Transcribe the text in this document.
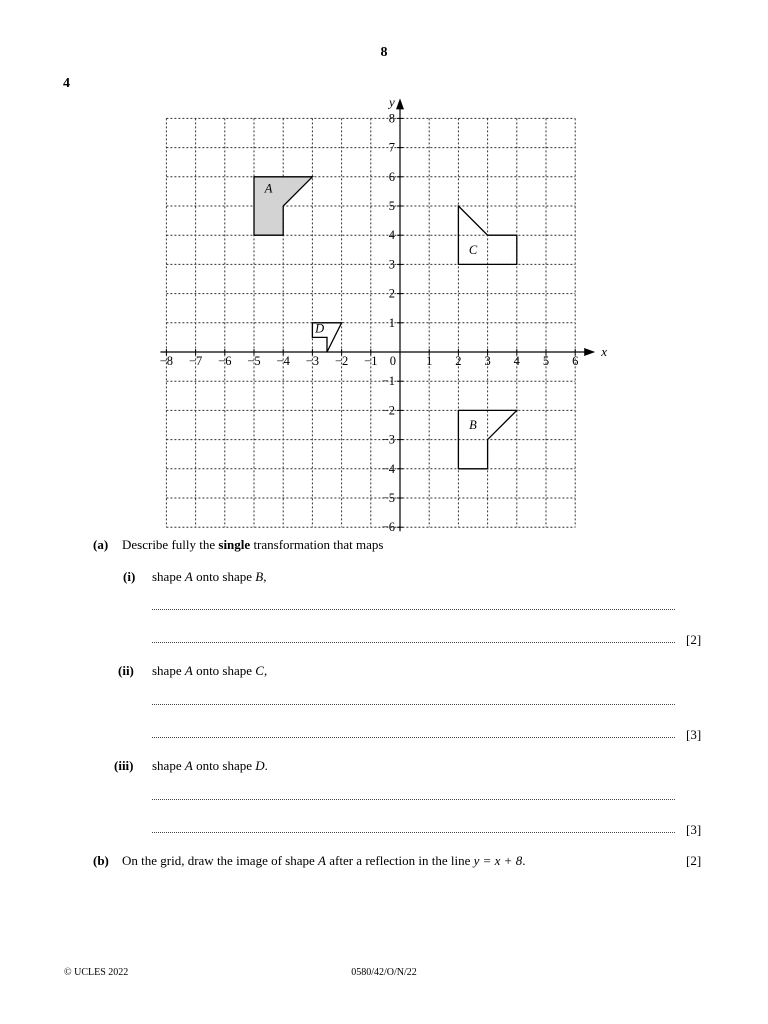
8
4
x
y
−8 −7 −6 −5 −4 −3 −2 −1	1 2 3 4 5 6
0
8
7
6
5
4
3
2
1
−1
−2
−3
−4
−5
−6
A
B
C
D
(a) Describe fully the single transformation that maps
(i) shape A onto shape B,
[2]
(ii) shape A onto shape C,
[3]
(iii) shape A onto shape D.
[3]
(b) On the grid, draw the image of shape A after a reflection in the line y = x + 8.	[2]
© UCLES 2022	0580/42/O/N/22
